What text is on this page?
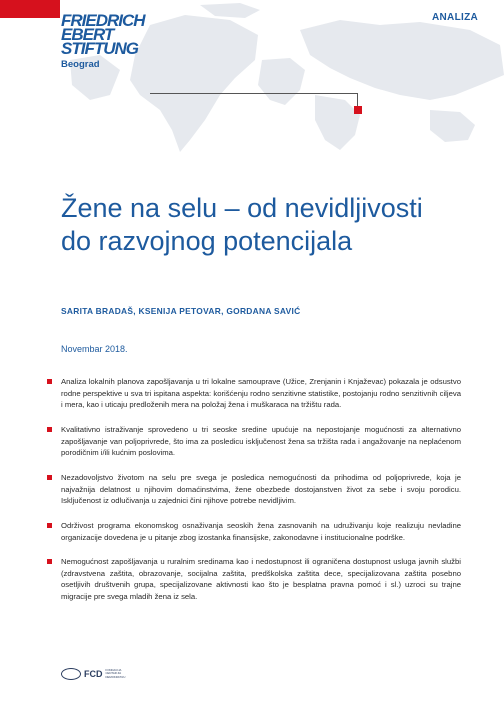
FRIEDRICH
EBERT
STIFTUNG
Beograd
ANALIZA
Žene na selu – od nevidljivosti
do razvojnog potencijala
SARITA BRADAŠ, KSENIJA PETOVAR, GORDANA SAVIĆ
Novembar 2018.
Analiza lokalnih planova zapošljavanja u tri lokalne samouprave (Užice, Zrenjanin i Knjaževac) pokazala je odsustvo rodne perspektive u sva tri ispitana aspekta: korišćenju rodno senzitivne statistike, postojanju rodno senzitivnih ciljeva i mera, kao i uticaju predloženih mera na položaj žena i muškaraca na tržištu rada.
Kvalitativno istraživanje sprovedeno u tri seoske sredine upućuje na nepostojanje mogućnosti za alternativno zapošljavanje van poljoprivrede, što ima za posledicu isključenost žena sa tržišta rada i angažovanje na neplaćenom porodičnim i/ili kućnim poslovima.
Nezadovoljstvo životom na selu pre svega je posledica nemogućnosti da prihodima od poljoprivrede, koja je najvažnija delatnost u njihovim domaćinstvima, žene obezbede dostojanstven život za sebe i svoju porodicu. Isključenost iz odlučivanja u zajednici čini njihove potrebe nevidljivim.
Održivost programa ekonomskog osnaživanja seoskih žena zasnovanih na udruživanju koje realizuju nevladine organizacije dovedena je u pitanje zbog izostanka finansijske, zakonodavne i institucionalne podrške.
Nemogućnost zapošljavanja u ruralnim sredinama kao i nedostupnost ili ograničena dostupnost usluga javnih službi (zdravstvena zaštita, obrazovanje, socijalna zaštita, predškolska zaštita dece, specijalizovana zaštita posebno osetljivih društvenih grupa, specijalizovane aktivnosti kao što je besplatna pravna pomoć i sl.) uzroci su trajne migracije pre svega mladih žena iz sela.
FCD FONDACIJA CENTAR ZA DEMOKRATIJU
